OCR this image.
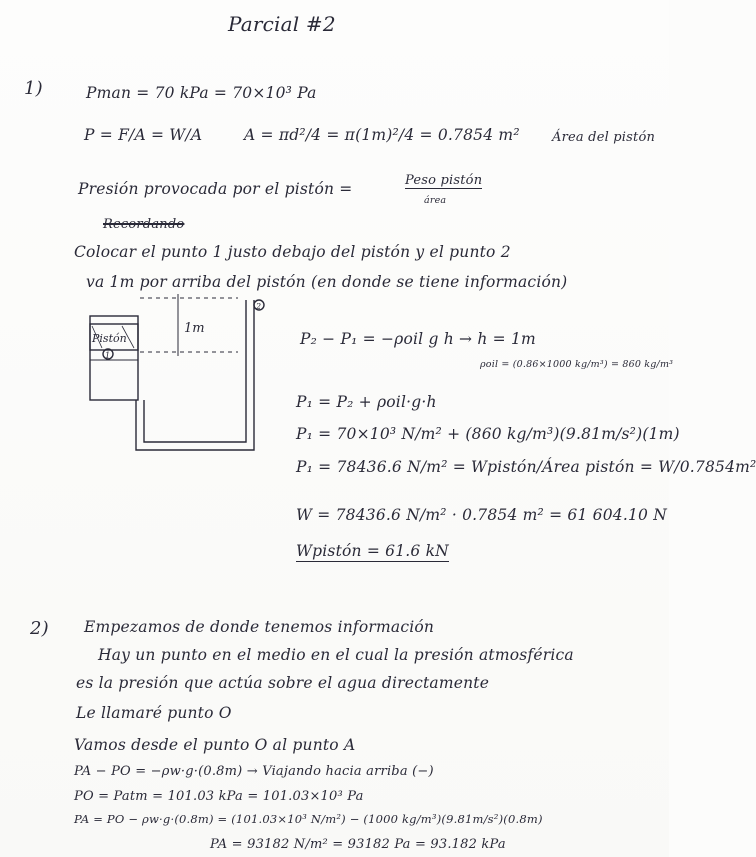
Parcial #2
1)	Pman = 70 kPa = 70×10³ Pa
P = F/A = W/A	A = πd²/4 = π(1m)²/4 = 0.7854 m² Área del pistón
Presión provocada por el pistón =	Peso pistón
área
Recordando
Colocar el punto 1 justo debajo del pistón y el punto 2
va 1m por arriba del pistón (en donde se tiene información)
Pistón
1
2
1m
P₂ − P₁ = −ρoil g h → h = 1m
ρoil = (0.86×1000 kg/m³) = 860 kg/m³
P₁ = P₂ + ρoil·g·h
P₁ = 70×10³ N/m² + (860 kg/m³)(9.81m/s²)(1m)
P₁ = 78436.6 N/m² = Wpistón/Área pistón = W/0.7854m²
W = 78436.6 N/m² · 0.7854 m² = 61 604.10 N
Wpistón = 61.6 kN
2) Empezamos de donde tenemos información
Hay un punto en el medio en el cual la presión atmosférica
es la presión que actúa sobre el agua directamente
Le llamaré punto O
Vamos desde el punto O al punto A
PA − PO = −ρw·g·(0.8m) → Viajando hacia arriba (−)
PO = Patm = 101.03 kPa = 101.03×10³ Pa
PA = PO − ρw·g·(0.8m) = (101.03×10³ N/m²) − (1000 kg/m³)(9.81m/s²)(0.8m)
PA = 93182 N/m² = 93182 Pa = 93.182 kPa
